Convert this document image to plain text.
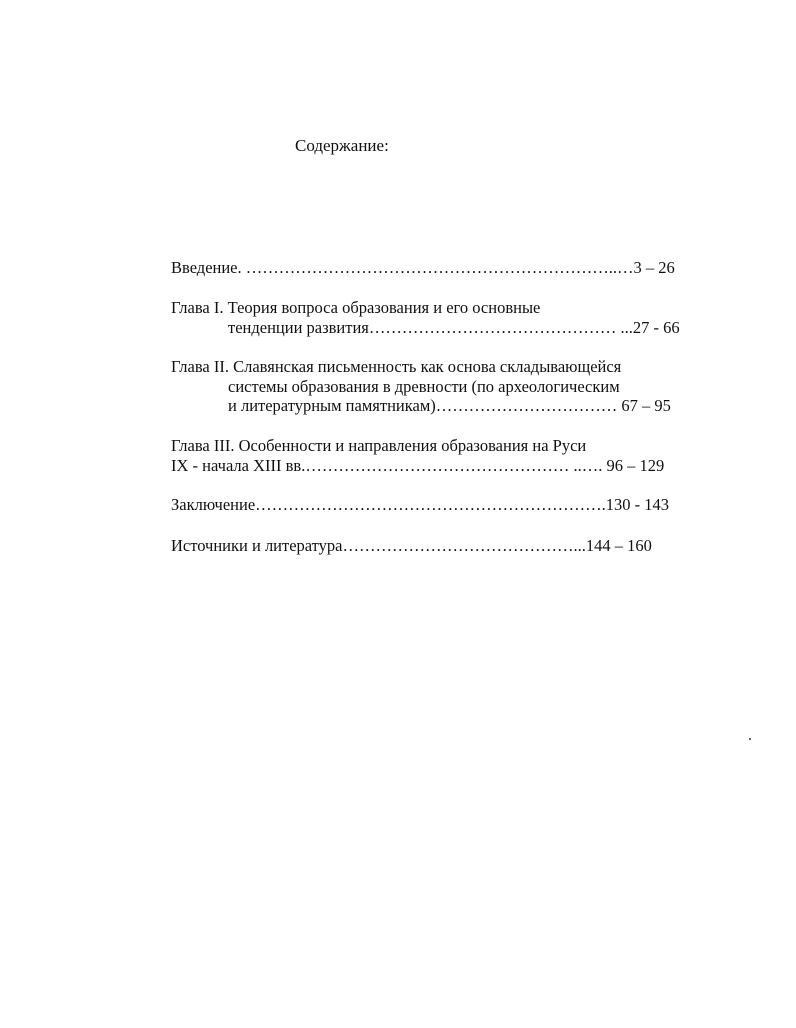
Содержание:
Введение. …………………………………………………………..…3 – 26
Глава I. Теория вопроса образования и его основные
тенденции развития……………………………………… ...27 - 66
Глава II. Славянская письменность как основа складывающейся
системы образования в древности (по археологическим
и литературным памятникам)…………………………… 67 – 95
Глава III. Особенности и направления образования на Руси
IX - начала XIII вв.………………………………………… ..…. 96 – 129
Заключение……………………………………………………….130 - 143
Источники и литература……………………………………...144 – 160
